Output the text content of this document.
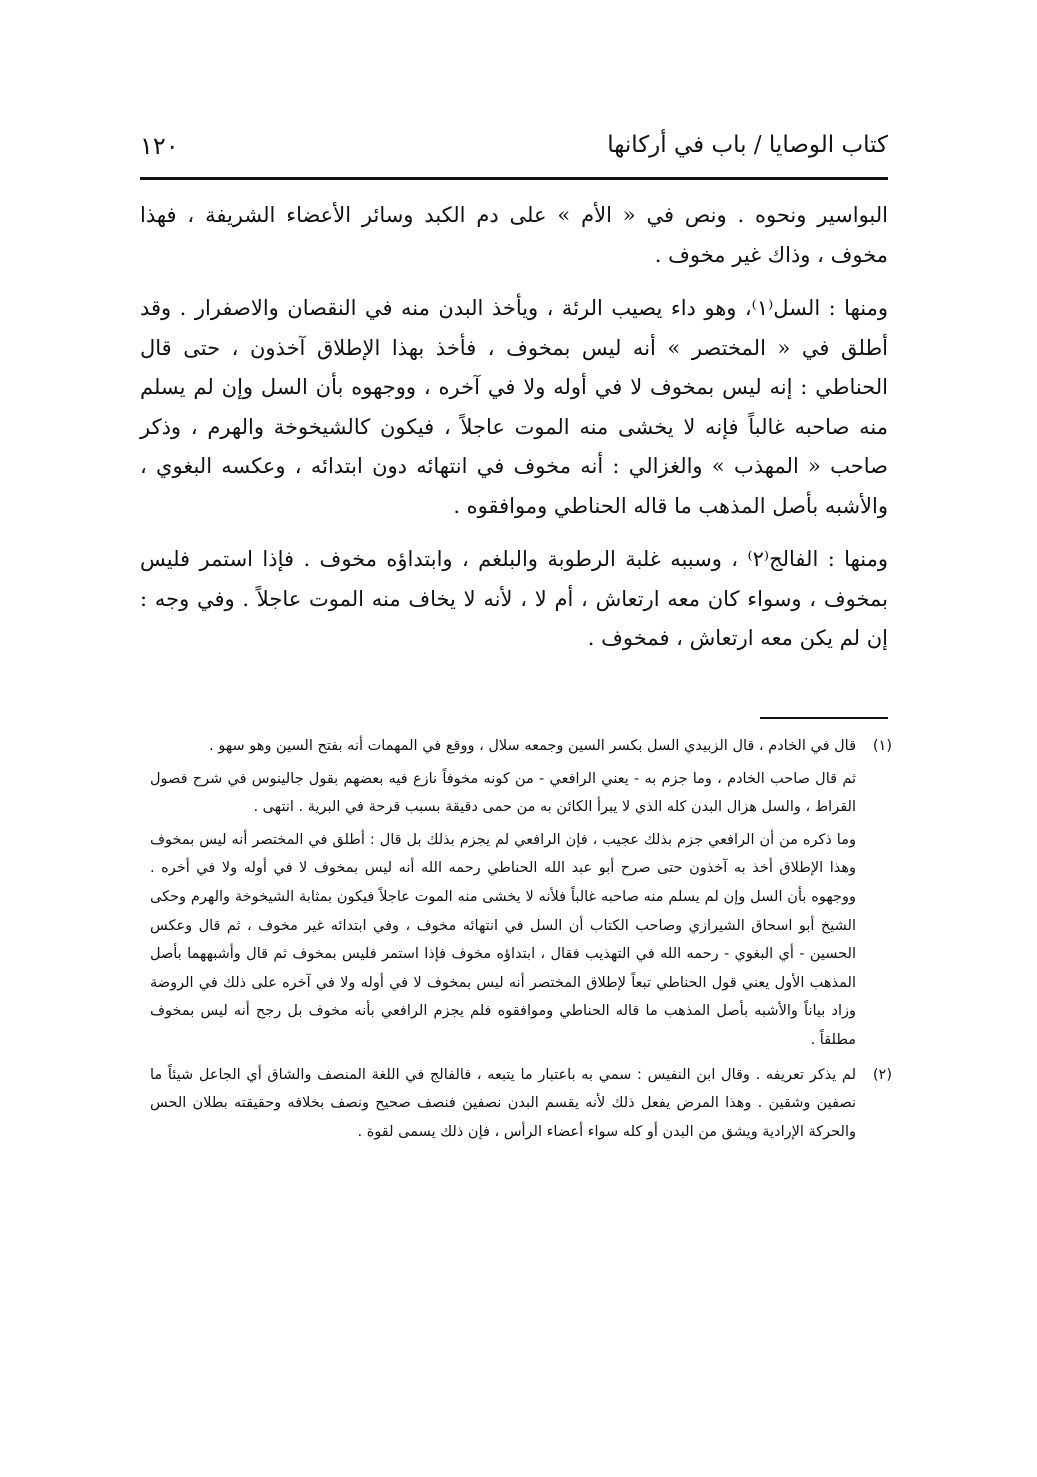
كتاب الوصايا / باب في أركانها
١٢٠

البواسير ونحوه . ونص في « الأم » على دم الكبد وسائر الأعضاء الشريفة ، فهذا مخوف ، وذاك غير مخوف .

ومنها : السل⁽١⁾، وهو داء يصيب الرئة ، ويأخذ البدن منه في النقصان والاصفرار . وقد أطلق في « المختصر » أنه ليس بمخوف ، فأخذ بهذا الإطلاق آخذون ، حتى قال الحناطي : إنه ليس بمخوف لا في أوله ولا في آخره ، ووجهوه بأن السل وإن لم يسلم منه صاحبه غالباً فإنه لا يخشى منه الموت عاجلاً ، فيكون كالشيخوخة والهرم ، وذكر صاحب « المهذب » والغزالي : أنه مخوف في انتهائه دون ابتدائه ، وعكسه البغوي ، والأشبه بأصل المذهب ما قاله الحناطي وموافقوه .

ومنها : الفالج⁽٢⁾ ، وسببه غلبة الرطوبة والبلغم ، وابتداؤه مخوف . فإذا استمر فليس بمخوف ، وسواء كان معه ارتعاش ، أم لا ، لأنه لا يخاف منه الموت عاجلاً . وفي وجه : إن لم يكن معه ارتعاش ، فمخوف .

(١)

قال في الخادم ، قال الزبيدي السل بكسر السين وجمعه سلال ، ووقع في المهمات أنه بفتح السين وهو سهو .

ثم قال صاحب الخادم ، وما جزم به - يعني الرافعي - من كونه مخوفاً نازع فيه بعضهم بقول جالينوس في شرح فصول القراط ، والسل هزال البدن كله الذي لا يبرأ الكائن به من حمى دقيقة بسبب قرحة في البرية . انتهى .

وما ذكره من أن الرافعي جزم بذلك عجيب ، فإن الرافعي لم يجزم بذلك بل قال : أطلق في المختصر أنه ليس بمخوف وهذا الإطلاق أخذ به آخذون حتى صرح أبو عبد الله الحناطي رحمه الله أنه ليس بمخوف لا في أوله ولا في أخره . ووجهوه بأن السل وإن لم يسلم منه صاحبه غالباً فلأنه لا يخشى منه الموت عاجلاً فيكون بمثابة الشيخوخة والهرم وحكى الشيخ أبو اسحاق الشيرازي وصاحب الكتاب أن السل في انتهائه مخوف ، وفي ابتدائه غير مخوف ، ثم قال وعكس الحسين - أي البغوي - رحمه الله في التهذيب فقال ، ابتداؤه مخوف فإذا استمر فليس بمخوف ثم قال وأشبههما بأصل المذهب الأول يعني قول الحناطي تبعاً لإطلاق المختصر أنه ليس بمخوف لا في أوله ولا في آخره على ذلك في الروضة وزاد بياناً والأشبه بأصل المذهب ما قاله الحناطي وموافقوه فلم يجزم الرافعي بأنه مخوف بل رجح أنه ليس بمخوف مطلقاً .

(٢)

لم يذكر تعريفه . وقال ابن النفيس : سمي به باعتبار ما يتبعه ، فالفالج في اللغة المنصف والشاق أي الجاعل شيئاً ما نصفين وشقين . وهذا المرض يفعل ذلك لأنه يقسم البدن نصفين فنصف صحيح ونصف بخلافه وحقيقته بطلان الحس والحركة الإرادية ويشق من البدن أو كله سواء أعضاء الرأس ، فإن ذلك يسمى لقوة .
